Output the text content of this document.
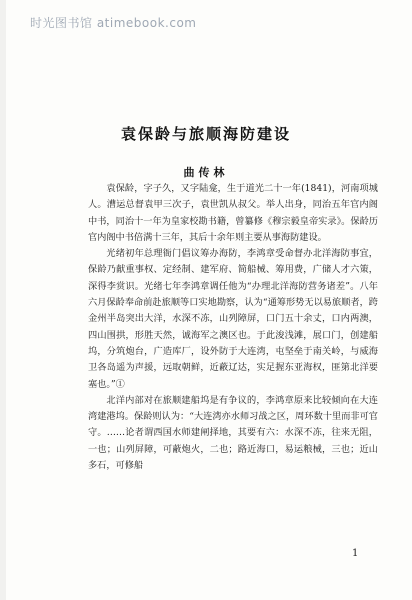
时光图书馆 atimebook.com
袁保龄与旅顺海防建设
曲传林

袁保龄，字子久，又字陆龛，生于道光二十一年(1841)，河南项城人。漕运总督袁甲三次子，袁世凯从叔父。举人出身，同治五年官内阁中书，同治十一年为皇家校勘书籍，曾纂修《穆宗毅皇帝实录》。保龄历官内阁中书倍满十三年，其后十余年则主要从事海防建设。

光绪初年总理衙门倡议筹办海防，李鸿章受命督办北洋海防事宜，保龄乃献重事权、定经制、建军府、简船械、筹用费，广储人才六策，深得李赏识。光绪七年李鸿章调任他为“办理北洋海防营务诸差”。八年六月保龄奉命前赴旅顺等口实地勘察，认为“通筹形势无以易旅顺者，跨金州半岛突出大洋，水深不冻，山列障屏，口门五十余丈，口内两澳，四山围拱，形胜天然，诚海军之澳区也。于此浚浅滩，展口门，创建船坞，分筑炮台，广造库厂，设外防于大连湾，屯坚垒于南关岭，与威海卫各岛遥为声援，远取朝鲜，近蔽辽达，实足握东亚海权，匪第北洋要塞也。”①

北洋内部对在旅顺建船坞是有争议的，李鸿章原来比较倾向在大连湾建港坞。保龄则认为：“大连湾亦水师习战之区，周环数十里而非可官守。……论者谓西国水师建闸择地，其要有六：水深不冻，往来无阻，一也；山列屏障，可蔽炮火，二也；路近海口，易运粮械，三也；近山多石，可修船

1
